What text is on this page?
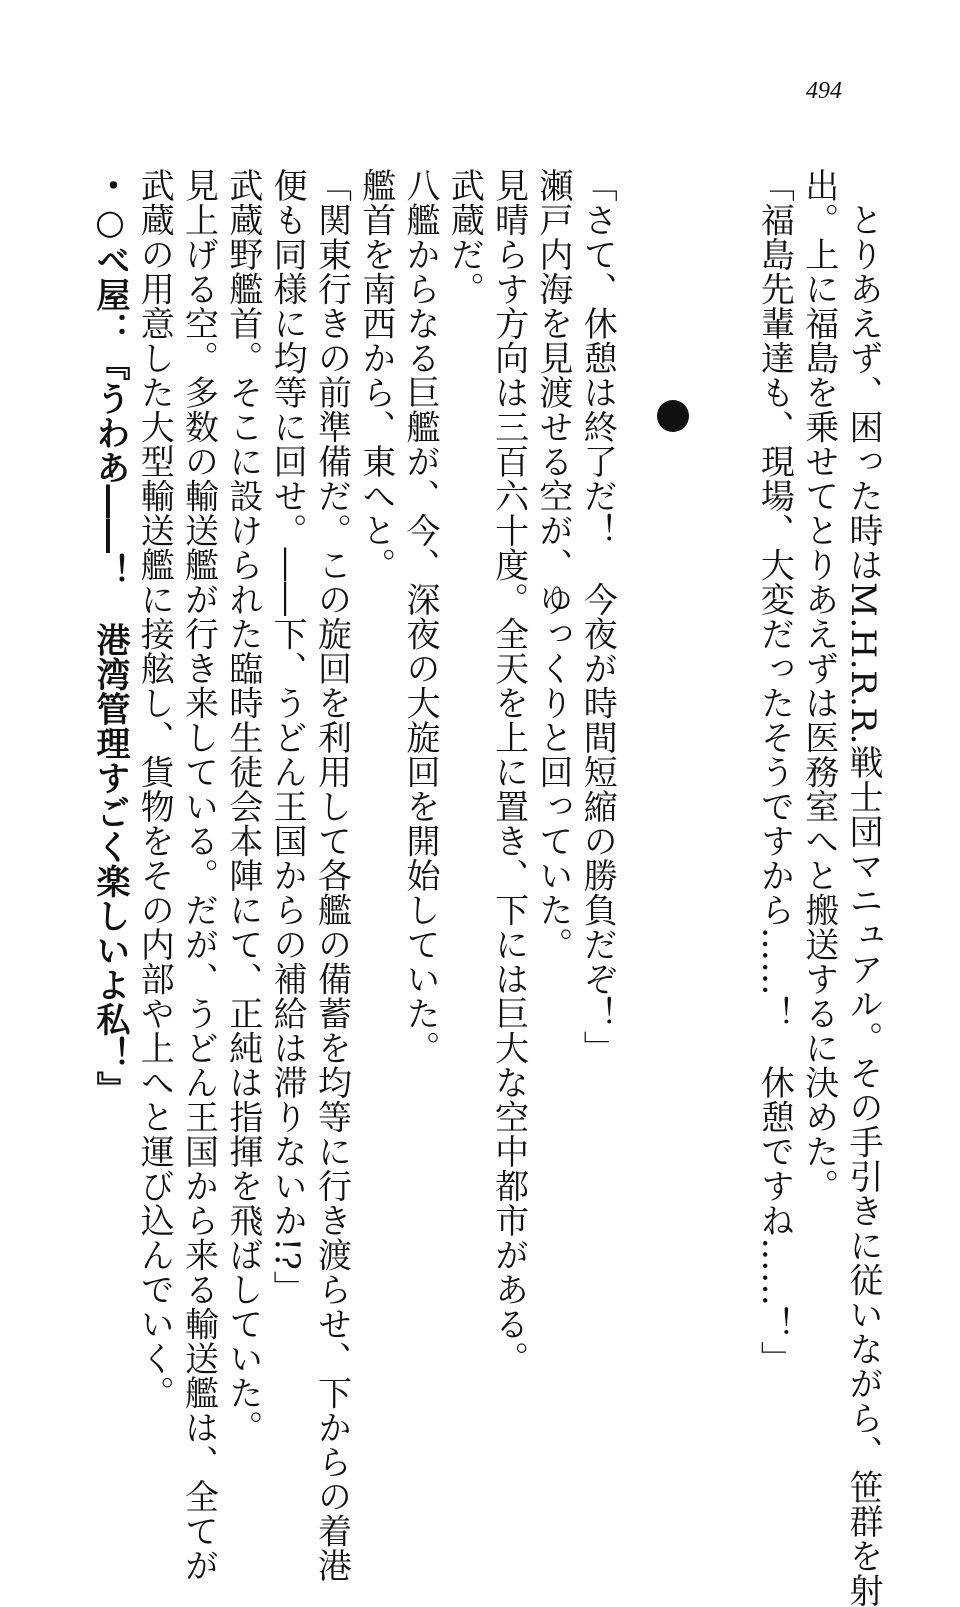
494
　とりあえず、困った時はM.H.R.R.戦士団マニュアル。その手引きに従いながら、笹群を射
出。上に福島を乗せてとりあえずは医務室へと搬送するに決めた。
「福島先輩達も、現場、大変だったそうですから……！　休憩ですね……！」

「さて、休憩は終了だ！　今夜が時間短縮の勝負だぞ！」
瀬戸内海を見渡せる空が、ゆっくりと回っていた。
見晴らす方向は三百六十度。全天を上に置き、下には巨大な空中都市がある。
武蔵だ。
八艦からなる巨艦が、今、深夜の大旋回を開始していた。
艦首を南西から、東へと。
「関東行きの前準備だ。この旋回を利用して各艦の備蓄を均等に行き渡らせ、下からの着港
便も同様に均等に回せ。――下、うどん王国からの補給は滞りないか!?」
武蔵野艦首。そこに設けられた臨時生徒会本陣にて、正純は指揮を飛ばしていた。
見上げる空。多数の輸送艦が行き来している。だが、うどん王国から来る輸送艦は、全てが
武蔵の用意した大型輸送艦に接舷し、貨物をその内部や上へと運び込んでいく。
・○べ屋：『うわあ――！　港湾管理すごく楽しいよ私！』
